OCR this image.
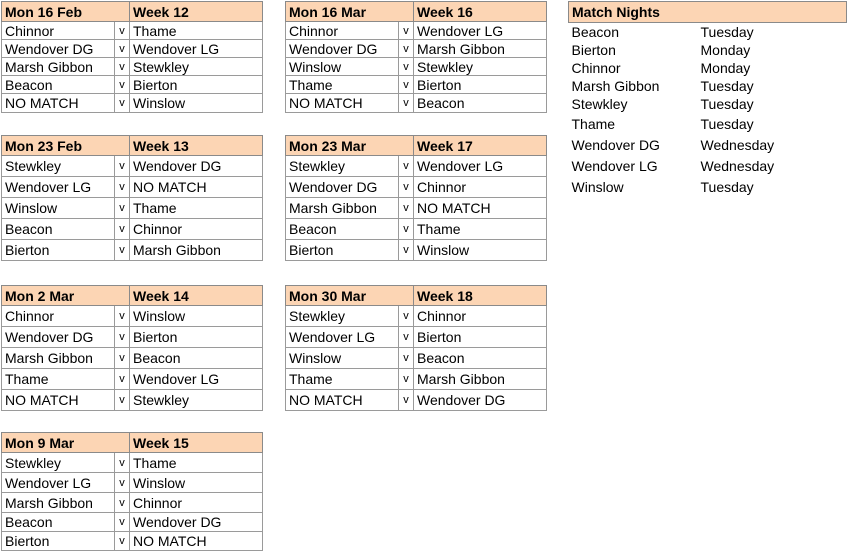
Mon 16 Feb		Week 12
Chinnor	v	Thame
Wendover DG	v	Wendover LG
Marsh Gibbon	v	Stewkley
Beacon	v	Bierton
NO MATCH	v	Winslow
Mon 16 Mar		Week 16
Chinnor	v	Wendover LG
Wendover DG	v	Marsh Gibbon
Winslow	v	Stewkley
Thame	v	Bierton
NO MATCH	v	Beacon
Mon 23 Feb		Week 13
Stewkley	v	Wendover DG
Wendover LG	v	NO MATCH
Winslow	v	Thame
Beacon	v	Chinnor
Bierton	v	Marsh Gibbon
Mon 23 Mar		Week 17
Stewkley	v	Wendover LG
Wendover DG	v	Chinnor
Marsh Gibbon	v	NO MATCH
Beacon	v	Thame
Bierton	v	Winslow
Mon 2 Mar		Week 14
Chinnor	v	Winslow
Wendover DG	v	Bierton
Marsh Gibbon	v	Beacon
Thame	v	Wendover LG
NO MATCH	v	Stewkley
Mon 30 Mar		Week 18
Stewkley	v	Chinnor
Wendover LG	v	Bierton
Winslow	v	Beacon
Thame	v	Marsh Gibbon
NO MATCH	v	Wendover DG
Mon 9 Mar		Week 15
Stewkley	v	Thame
Wendover LG	v	Winslow
Marsh Gibbon	v	Chinnor
Beacon	v	Wendover DG
Bierton	v	NO MATCH
Match Nights	
Beacon	Tuesday
Bierton	Monday
Chinnor	Monday
Marsh Gibbon	Tuesday
Stewkley	Tuesday
Thame	Tuesday
Wendover DG	Wednesday
Wendover LG	Wednesday
Winslow	Tuesday
